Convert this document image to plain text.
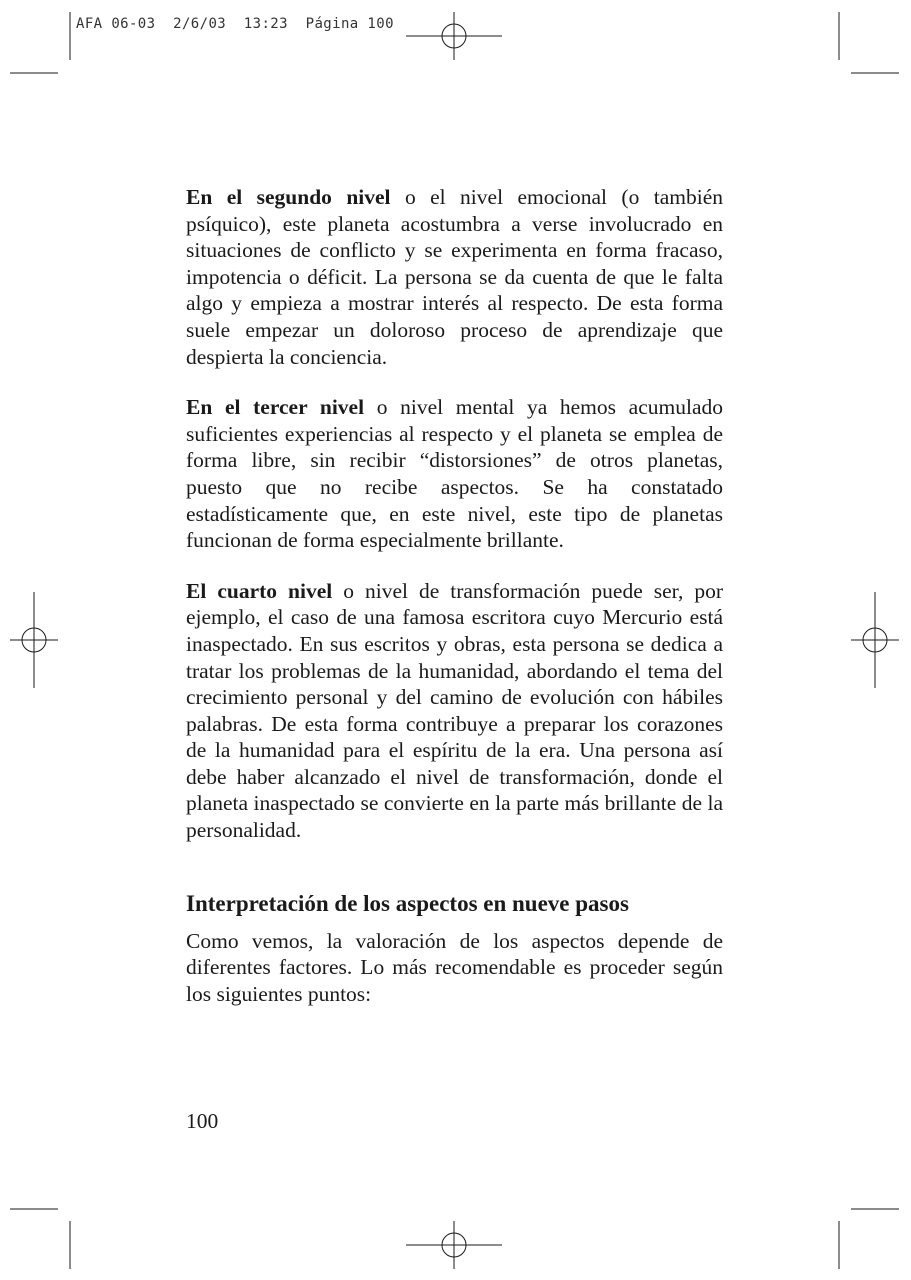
AFA 06-03 2/6/03 13:23 Página 100

En el segundo nivel o el nivel emocional (o también psíquico), este planeta acostumbra a verse involucrado en situaciones de conflicto y se experimenta en forma fracaso, impotencia o déficit. La persona se da cuenta de que le falta algo y empieza a mostrar interés al respecto. De esta forma suele empezar un doloroso proceso de aprendizaje que despierta la conciencia.

En el tercer nivel o nivel mental ya hemos acumulado suficientes experiencias al respecto y el planeta se emplea de forma libre, sin recibir “distorsiones” de otros planetas, puesto que no recibe aspectos. Se ha constatado estadísticamente que, en este nivel, este tipo de planetas funcionan de forma especialmente brillante.

El cuarto nivel o nivel de transformación puede ser, por ejemplo, el caso de una famosa escritora cuyo Mercurio está inaspectado. En sus escritos y obras, esta persona se dedica a tratar los problemas de la humanidad, abordando el tema del crecimiento personal y del camino de evolución con hábiles palabras. De esta forma contribuye a preparar los corazones de la humanidad para el espíritu de la era. Una persona así debe haber alcanzado el nivel de transformación, donde el planeta inaspectado se convierte en la parte más brillante de la personalidad.

Interpretación de los aspectos en nueve pasos

Como vemos, la valoración de los aspectos depende de diferentes factores. Lo más recomendable es proceder según los siguientes puntos:

100
